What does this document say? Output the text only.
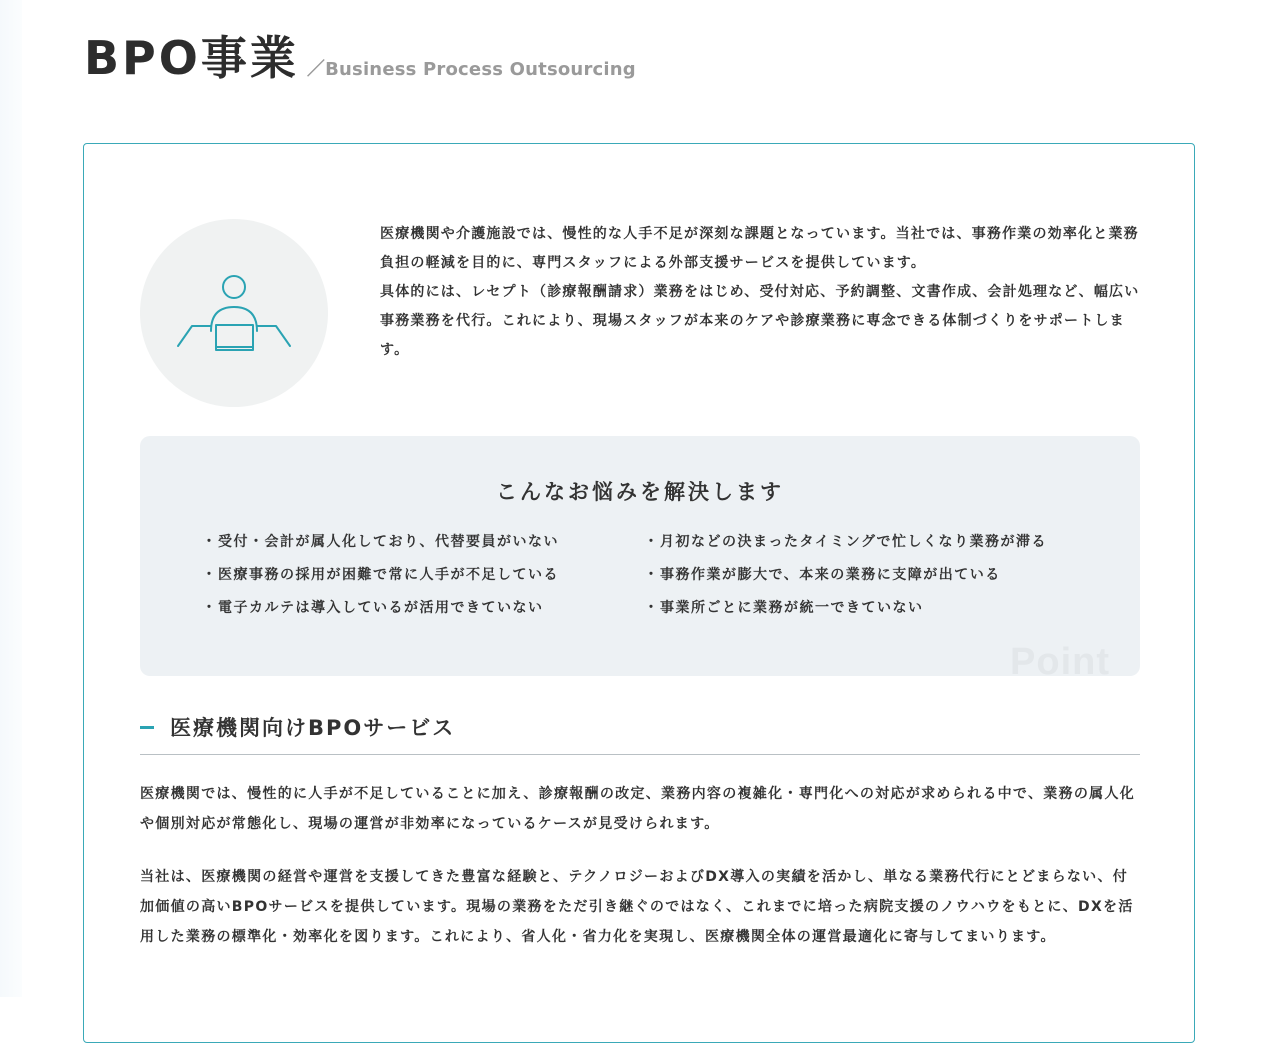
BPO事業 ／Business Process Outsourcing

医療機関や介護施設では、慢性的な人手不足が深刻な課題となっています。当社では、事務作業の効率化と業務負担の軽減を目的に、専門スタッフによる外部支援サービスを提供しています。

具体的には、レセプト（診療報酬請求）業務をはじめ、受付対応、予約調整、文書作成、会計処理など、幅広い事務業務を代行。これにより、現場スタッフが本来のケアや診療業務に専念できる体制づくりをサポートします。

こんなお悩みを解決します
・受付・会計が属人化しており、代替要員がいない	・月初などの決まったタイミングで忙しくなり業務が滞る
・医療事務の採用が困難で常に人手が不足している	・事務作業が膨大で、本来の業務に支障が出ている
・電子カルテは導入しているが活用できていない	・事業所ごとに業務が統一できていない
Point
医療機関向けBPOサービス

医療機関では、慢性的に人手が不足していることに加え、診療報酬の改定、業務内容の複雑化・専門化への対応が求められる中で、業務の属人化や個別対応が常態化し、現場の運営が非効率になっているケースが見受けられます。

当社は、医療機関の経営や運営を支援してきた豊富な経験と、テクノロジーおよびDX導入の実績を活かし、単なる業務代行にとどまらない、付加価値の高いBPOサービスを提供しています。現場の業務をただ引き継ぐのではなく、これまでに培った病院支援のノウハウをもとに、DXを活用した業務の標準化・効率化を図ります。これにより、省人化・省力化を実現し、医療機関全体の運営最適化に寄与してまいります。
